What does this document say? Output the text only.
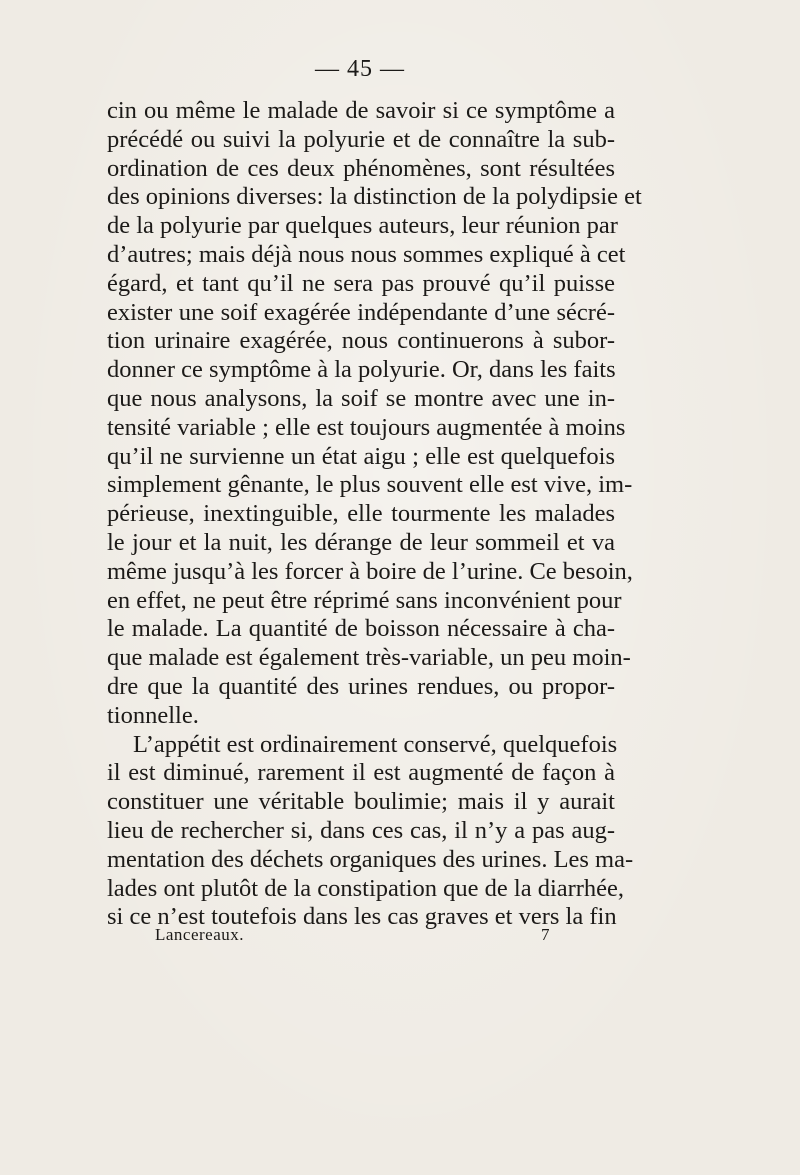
— 45 —
cin ou même le malade de savoir si ce symptôme a
précédé ou suivi la polyurie et de connaître la sub-
ordination de ces deux phénomènes, sont résultées
des opinions diverses: la distinction de la polydipsie et
de la polyurie par quelques auteurs, leur réunion par
d’autres; mais déjà nous nous sommes expliqué à cet
égard, et tant qu’il ne sera pas prouvé qu’il puisse
exister une soif exagérée indépendante d’une sécré-
tion urinaire exagérée, nous continuerons à subor-
donner ce symptôme à la polyurie. Or, dans les faits
que nous analysons, la soif se montre avec une in-
tensité variable ; elle est toujours augmentée à moins
qu’il ne survienne un état aigu ; elle est quelquefois
simplement gênante, le plus souvent elle est vive, im-
périeuse, inextinguible, elle tourmente les malades
le jour et la nuit, les dérange de leur sommeil et va
même jusqu’à les forcer à boire de l’urine. Ce besoin,
en effet, ne peut être réprimé sans inconvénient pour
le malade. La quantité de boisson nécessaire à cha-
que malade est également très-variable, un peu moin-
dre que la quantité des urines rendues, ou propor-
tionnelle.
L’appétit est ordinairement conservé, quelquefois
il est diminué, rarement il est augmenté de façon à
constituer une véritable boulimie; mais il y aurait
lieu de rechercher si, dans ces cas, il n’y a pas aug-
mentation des déchets organiques des urines. Les ma-
lades ont plutôt de la constipation que de la diarrhée,
si ce n’est toutefois dans les cas graves et vers la fin
Lancereaux.	7
